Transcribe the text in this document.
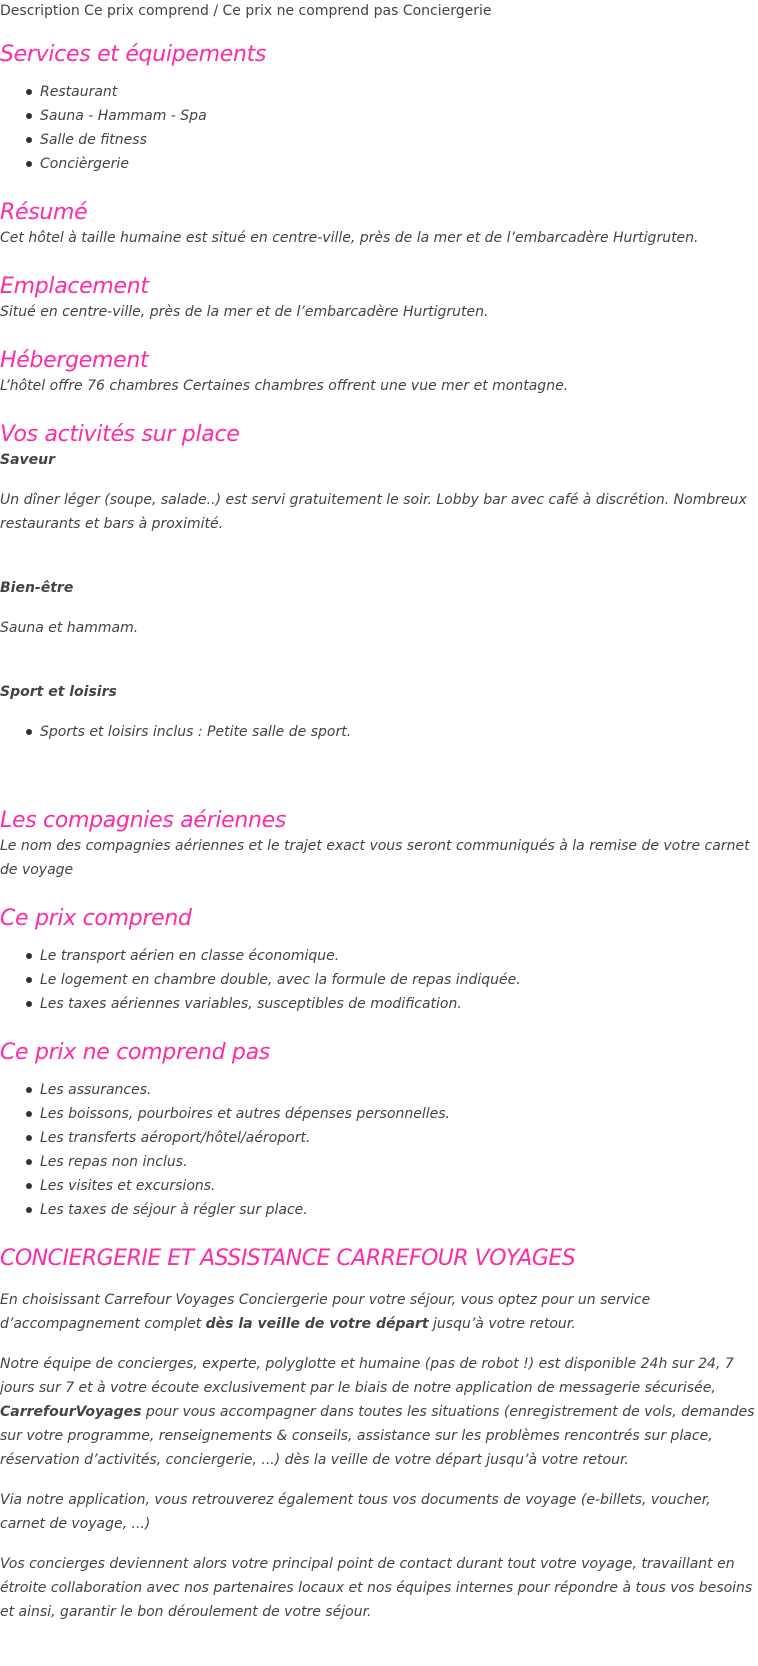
Description Ce prix comprend / Ce prix ne comprend pas Conciergerie

Services et équipements
Restaurant
Sauna - Hammam - Spa
Salle de fitness
Concièrgerie
Résumé

Cet hôtel à taille humaine est situé en centre-ville, près de la mer et de l’embarcadère Hurtigruten.

Emplacement

Situé en centre-ville, près de la mer et de l’embarcadère Hurtigruten.

Hébergement

L’hôtel offre 76 chambres Certaines chambres offrent une vue mer et montagne.

Vos activités sur place

Saveur

Un dîner léger (soupe, salade..) est servi gratuitement le soir. Lobby bar avec café à discrétion. Nombreux restaurants et bars à proximité.

Bien-être

Sauna et hammam.

Sport et loisirs

Sports et loisirs inclus : Petite salle de sport.
Les compagnies aériennes

Le nom des compagnies aériennes et le trajet exact vous seront communiqués à la remise de votre carnet de voyage

Ce prix comprend
Le transport aérien en classe économique.
Le logement en chambre double, avec la formule de repas indiquée.
Les taxes aériennes variables, susceptibles de modification.
Ce prix ne comprend pas
Les assurances.
Les boissons, pourboires et autres dépenses personnelles.
Les transferts aéroport/hôtel/aéroport.
Les repas non inclus.
Les visites et excursions.
Les taxes de séjour à régler sur place.
CONCIERGERIE ET ASSISTANCE CARREFOUR VOYAGES

En choisissant Carrefour Voyages Conciergerie pour votre séjour, vous optez pour un service d’accompagnement complet dès la veille de votre départ jusqu’à votre retour.

Notre équipe de concierges, experte, polyglotte et humaine (pas de robot !) est disponible 24h sur 24, 7 jours sur 7 et à votre écoute exclusivement par le biais de notre application de messagerie sécurisée, CarrefourVoyages pour vous accompagner dans toutes les situations (enregistrement de vols, demandes sur votre programme, renseignements & conseils, assistance sur les problèmes rencontrés sur place, réservation d’activités, conciergerie, ...) dès la veille de votre départ jusqu’à votre retour.

Via notre application, vous retrouverez également tous vos documents de voyage (e-billets, voucher, carnet de voyage, ...)

Vos concierges deviennent alors votre principal point de contact durant tout votre voyage, travaillant en étroite collaboration avec nos partenaires locaux et nos équipes internes pour répondre à tous vos besoins et ainsi, garantir le bon déroulement de votre séjour.
